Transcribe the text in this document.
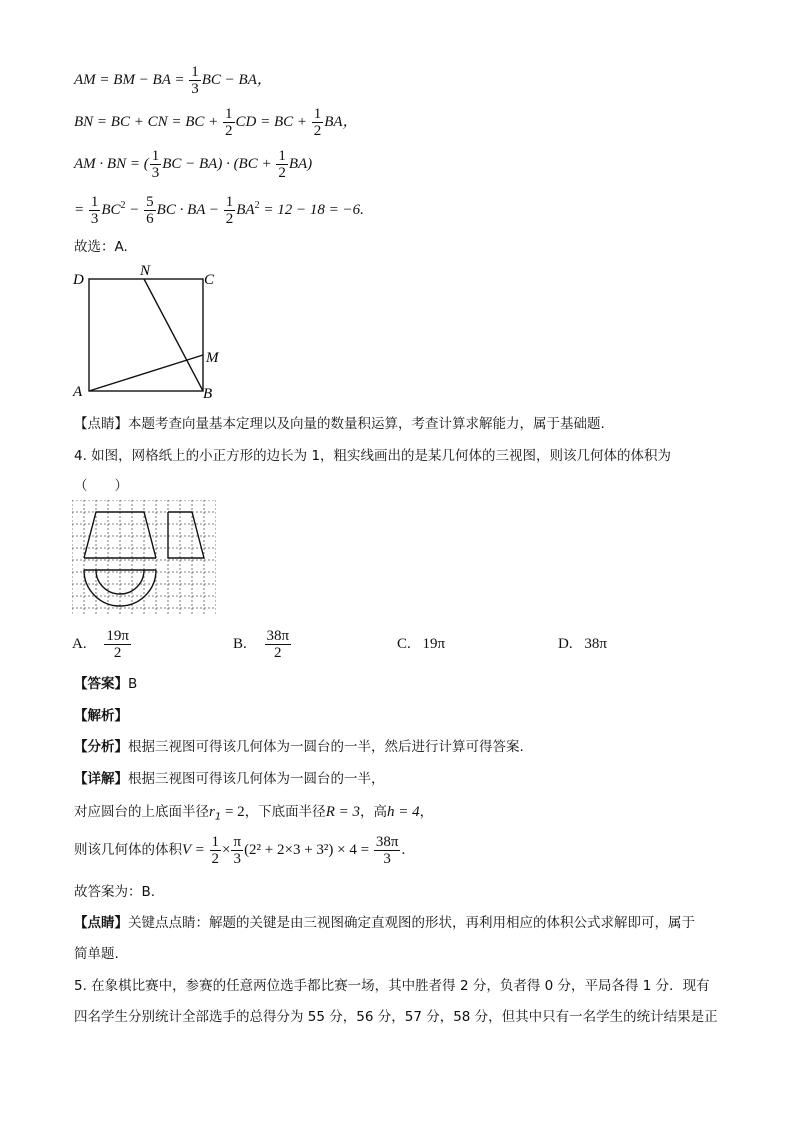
AM = BM − BA = $\frac{1}{3}$ BC − BA，
BN = BC + CN = BC + $\frac{1}{2}$ CD = BC + $\frac{1}{2}$ BA，
AM · BN = ( $\frac{1}{3}$ BC − $BA) \cdot (BC + \frac{1}{2} BA)$
= $\frac{1}{3} BC^2 - \frac{5}{6}$ BC · BA − $\frac{1}{2} BA^2 = 12 - 18 = -6$.
故选：A.
D
N
C
M
A	B
【点睛】本题考查向量基本定理以及向量的数量积运算，考查计算求解能力，属于基础题.
4. 如图，网格纸上的小正方形的边长为 1，粗实线画出的是某几何体的三视图，则该几何体的体积为
（　　）
A. $\frac{19\pi}{2}$	B. $\frac{38\pi}{2}$	C. 19π	D. 38π
【答案】B
【解析】
【分析】根据三视图可得该几何体为一圆台的一半，然后进行计算可得答案.
【详解】根据三视图可得该几何体为一圆台的一半，
对应圆台的上底面半径$r_1 = 2$，下底面半径R = 3，高h = 4，
则该几何体的体积$V = \frac{1}{2} \times \frac{\pi}{3} (2^2 + 2\times 3 + 3^2) \times 4 = \frac{38\pi}{3}$ .
故答案为：B.
【点睛】关键点点睛：解题的关键是由三视图确定直观图的形状，再利用相应的体积公式求解即可，属于
简单题.
5. 在象棋比赛中，参赛的任意两位选手都比赛一场，其中胜者得 2 分，负者得 0 分，平局各得 1 分．现有
四名学生分别统计全部选手的总得分为 55 分，56 分，57 分，58 分，但其中只有一名学生的统计结果是正
